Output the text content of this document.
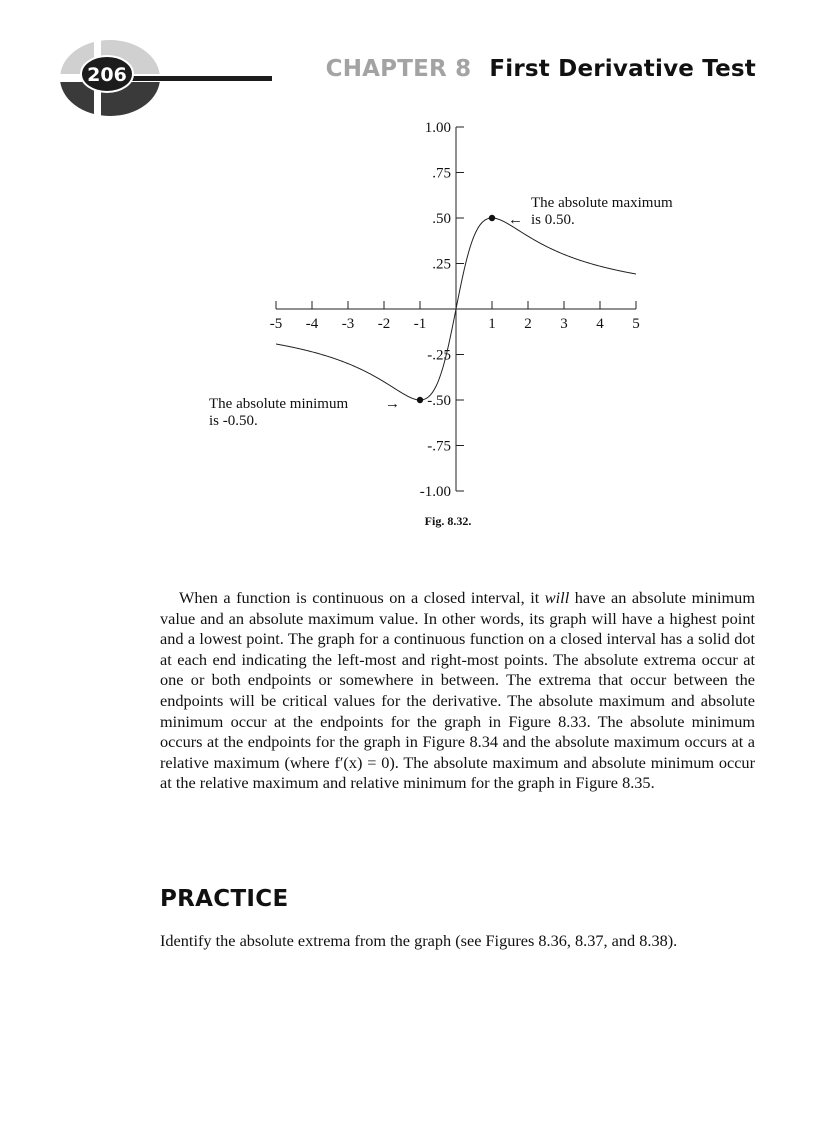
206	CHAPTER 8 First Derivative Test
-5 -4 -3 -2 -1	1 2 3 4 5
1.00
.75
.50
.25
-.25
-.50
-.75
-1.00
The absolute maximum
← is 0.50.
The absolute minimum →
is -0.50.
Fig. 8.32.

When a function is continuous on a closed interval, it will have an absolute minimum value and an absolute maximum value. In other words, its graph will have a highest point and a lowest point. The graph for a continuous function on a closed interval has a solid dot at each end indicating the left-most and right-most points. The absolute extrema occur at one or both endpoints or somewhere in between. The extrema that occur between the endpoints will be critical values for the derivative. The absolute maximum and absolute minimum occur at the endpoints for the graph in Figure 8.33. The absolute minimum occurs at the endpoints for the graph in Figure 8.34 and the absolute maximum occurs at a relative maximum (where f′(x) = 0). The absolute maximum and absolute minimum occur at the relative maximum and relative minimum for the graph in Figure 8.35.

PRACTICE

Identify the absolute extrema from the graph (see Figures 8.36, 8.37, and 8.38).
